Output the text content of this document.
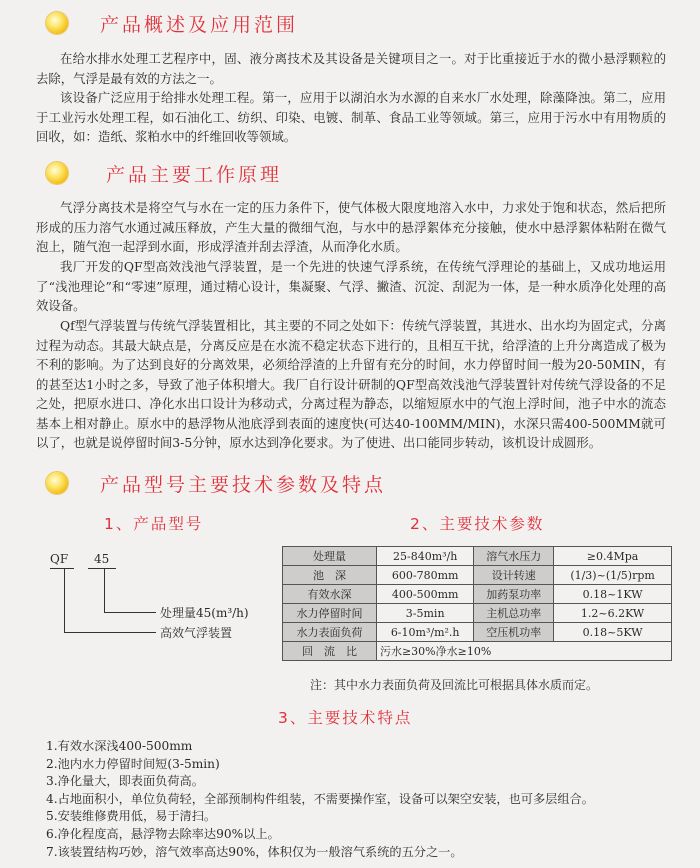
产品概述及应用范围

在给水排水处理工艺程序中，固、液分离技术及其设备是关键项目之一。对于比重接近于水的微小悬浮颗粒的去除，气浮是最有效的方法之一。

该设备广泛应用于给排水处理工程。第一，应用于以湖泊水为水源的自来水厂水处理，除藻降浊。第二，应用于工业污水处理工程，如石油化工、纺织、印染、电镀、制革、食品工业等领域。第三，应用于污水中有用物质的回收，如：造纸、浆粕水中的纤维回收等领域。

产品主要工作原理

气浮分离技术是将空气与水在一定的压力条件下，使气体极大限度地溶入水中，力求处于饱和状态，然后把所形成的压力溶气水通过减压释放，产生大量的微细气泡，与水中的悬浮絮体充分接触，使水中悬浮絮体粘附在微气泡上，随气泡一起浮到水面，形成浮渣并刮去浮渣，从而净化水质。

我厂开发的QF型高效浅池气浮装置，是一个先进的快速气浮系统，在传统气浮理论的基础上，又成功地运用了“浅池理论”和“零速”原理，通过精心设计，集凝聚、气浮、撇渣、沉淀、刮泥为一体，是一种水质净化处理的高效设备。

Qf型气浮装置与传统气浮装置相比，其主要的不同之处如下：传统气浮装置，其进水、出水均为固定式，分离过程为动态。其最大缺点是，分离反应是在水流不稳定状态下进行的，且相互干扰，给浮渣的上升分离造成了极为不利的影响。为了达到良好的分离效果，必须给浮渣的上升留有充分的时间，水力停留时间一般为20-50MIN，有的甚至达1小时之多，导致了池子体积增大。我厂自行设计研制的QF型高效浅池气浮装置针对传统气浮设备的不足之处，把原水进口、净化水出口设计为移动式，分离过程为静态，以缩短原水中的气泡上浮时间，池子中水的流态基本上相对静止。原水中的悬浮物从池底浮到表面的速度快(可达40-100MM/MIN)，水深只需400-500MM就可以了，也就是说停留时间3-5分钟，原水达到净化要求。为了使进、出口能同步转动，该机设计成圆形。

产品型号主要技术参数及特点
1、产品型号	2、主要技术参数
QF 45
处理量45(m³/h)
高效气浮装置
处理量	25-840m³/h	溶气水压力	≥0.4Mpa
池　深	600-780mm	设计转速	(1/3)~(1/5)rpm
有效水深	400-500mm	加药泵功率	0.18~1KW
水力停留时间	3-5min	主机总功率	1.2~6.2KW
水力表面负荷	6-10m³/m².h	空压机功率	0.18~5KW
回　流　比	污水≥30%净水≥10%		
注：其中水力表面负荷及回流比可根据具体水质而定。
3、主要技术特点
1.有效水深浅400-500mm
2.池内水力停留时间短(3-5min)
3.净化量大，即表面负荷高。
4.占地面积小，单位负荷轻，全部预制构件组装，不需要操作室，设备可以架空安装，也可多层组合。
5.安装维修费用低，易于清扫。
6.净化程度高，悬浮物去除率达90%以上。
7.该装置结构巧妙，溶气效率高达90%，体积仅为一般溶气系统的五分之一。
